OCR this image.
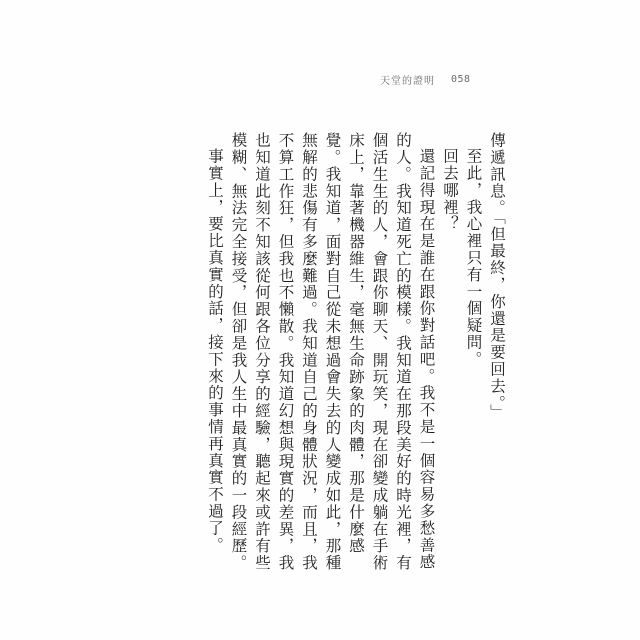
天堂的證明 058

傳遞訊息。「但最終，你還是要回去。」

至此，我心裡只有一個疑問。

回去哪裡？

還記得現在是誰在跟你對話吧。我不是一個容易多愁善感的人。我知道死亡的模樣。我知道在那段美好的時光裡，有個活生生的人，會跟你聊天、開玩笑，現在卻變成躺在手術床上，靠著機器維生，毫無生命跡象的肉體，那是什麼感覺。我知道，面對自己從未想過會失去的人變成如此，那種無解的悲傷有多麼難過。我知道自己的身體狀況，而且，我不算工作狂，但我也不懶散。我知道幻想與現實的差異，我也知道此刻不知該從何跟各位分享的經驗，聽起來或許有些模糊、無法完全接受，但卻是我人生中最真實的一段經歷。

事實上，要比真實的話，接下來的事情再真實不過了。
